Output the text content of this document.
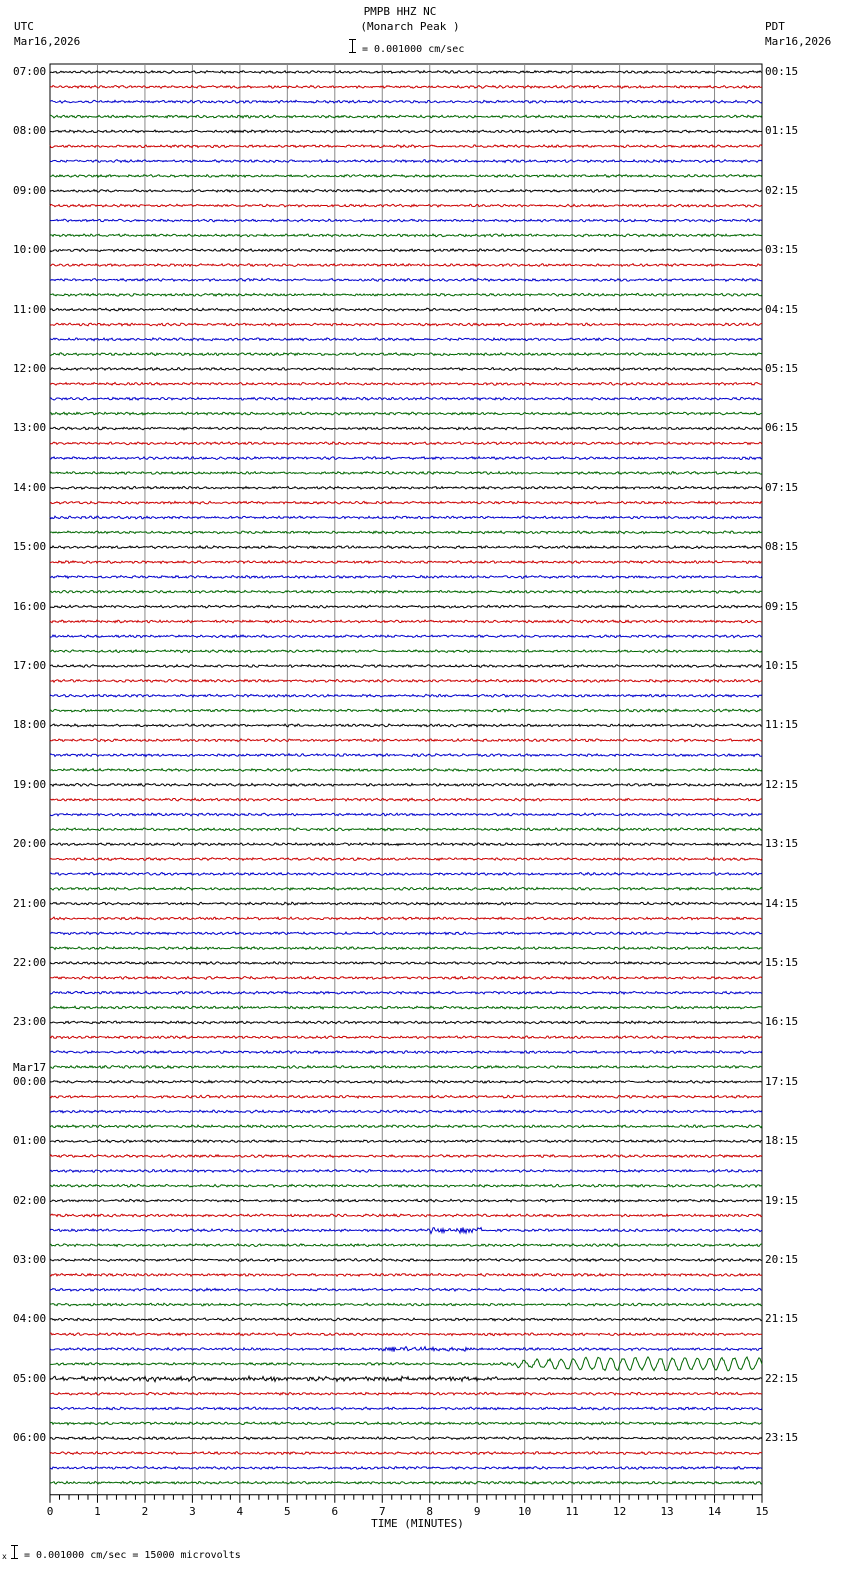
UTC
Mar16,2026
PMPB HHZ NC
(Monarch Peak )
= 0.001000 cm/sec
PDT
Mar16,2026
07:00
08:00
09:00
10:00
11:00
12:00
13:00
14:00
15:00
16:00
17:00
18:00
19:00
20:00
21:00
22:00
23:00
Mar17
00:00
01:00
02:00
03:00
04:00
05:00
06:00
00:15
01:15
02:15
03:15
04:15
05:15
06:15
07:15
08:15
09:15
10:15
11:15
12:15
13:15
14:15
15:15
16:15
17:15
18:15
19:15
20:15
21:15
22:15
23:15
0	1	2	3	4	5	6	7	8	9	10	11	12	13	14	15
TIME (MINUTES)
x = 0.001000 cm/sec = 15000 microvolts
